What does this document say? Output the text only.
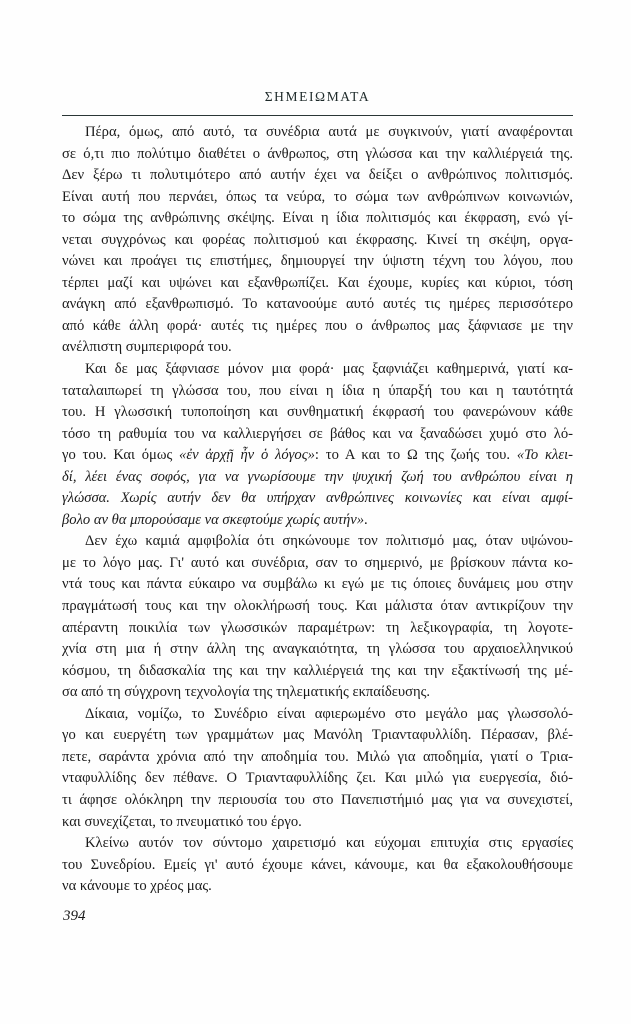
ΣΗΜΕΙΩΜΑΤΑ
Πέρα, όμως, από αυτό, τα συνέδρια αυτά με συγκινούν, γιατί αναφέρονται
σε ό,τι πιο πολύτιμο διαθέτει ο άνθρωπος, στη γλώσσα και την καλλιέργειά της.
Δεν ξέρω τι πολυτιμότερο από αυτήν έχει να δείξει ο ανθρώπινος πολιτισμός.
Είναι αυτή που περνάει, όπως τα νεύρα, το σώμα των ανθρώπινων κοινωνιών,
το σώμα της ανθρώπινης σκέψης. Είναι η ίδια πολιτισμός και έκφραση, ενώ γί-
νεται συγχρόνως και φορέας πολιτισμού και έκφρασης. Κινεί τη σκέψη, οργα-
νώνει και προάγει τις επιστήμες, δημιουργεί την ύψιστη τέχνη του λόγου, που
τέρπει μαζί και υψώνει και εξανθρωπίζει. Και έχουμε, κυρίες και κύριοι, τόση
ανάγκη από εξανθρωπισμό. Το κατανοούμε αυτό αυτές τις ημέρες περισσότερο
από κάθε άλλη φορά· αυτές τις ημέρες που ο άνθρωπος μας ξάφνιασε με την
ανέλπιστη συμπεριφορά του.
Και δε μας ξάφνιασε μόνον μια φορά· μας ξαφνιάζει καθημερινά, γιατί κα-
ταταλαιπωρεί τη γλώσσα του, που είναι η ίδια η ύπαρξή του και η ταυτότητά
του. Η γλωσσική τυποποίηση και συνθηματική έκφρασή του φανερώνουν κάθε
τόσο τη ραθυμία του να καλλιεργήσει σε βάθος και να ξαναδώσει χυμό στο λό-
γο του. Και όμως «ἐν ἀρχῇ ἦν ὁ λόγος»: το Α και το Ω της ζωής του. «Το κλει-
δί, λέει ένας σοφός, για να γνωρίσουμε την ψυχική ζωή του ανθρώπου είναι η
γλώσσα. Χωρίς αυτήν δεν θα υπήρχαν ανθρώπινες κοινωνίες και είναι αμφί-
βολο αν θα μπορούσαμε να σκεφτούμε χωρίς αυτήν».
Δεν έχω καμιά αμφιβολία ότι σηκώνουμε τον πολιτισμό μας, όταν υψώνου-
με το λόγο μας. Γι' αυτό και συνέδρια, σαν το σημερινό, με βρίσκουν πάντα κο-
ντά τους και πάντα εύκαιρο να συμβάλω κι εγώ με τις όποιες δυνάμεις μου στην
πραγμάτωσή τους και την ολοκλήρωσή τους. Και μάλιστα όταν αντικρίζουν την
απέραντη ποικιλία των γλωσσικών παραμέτρων: τη λεξικογραφία, τη λογοτε-
χνία στη μια ή στην άλλη της αναγκαιότητα, τη γλώσσα του αρχαιοελληνικού
κόσμου, τη διδασκαλία της και την καλλιέργειά της και την εξακτίνωσή της μέ-
σα από τη σύγχρονη τεχνολογία της τηλεματικής εκπαίδευσης.
Δίκαια, νομίζω, το Συνέδριο είναι αφιερωμένο στο μεγάλο μας γλωσσολό-
γο και ευεργέτη των γραμμάτων μας Μανόλη Τριανταφυλλίδη. Πέρασαν, βλέ-
πετε, σαράντα χρόνια από την αποδημία του. Μιλώ για αποδημία, γιατί ο Τρια-
νταφυλλίδης δεν πέθανε. Ο Τριανταφυλλίδης ζει. Και μιλώ για ευεργεσία, διό-
τι άφησε ολόκληρη την περιουσία του στο Πανεπιστήμιό μας για να συνεχιστεί,
και συνεχίζεται, το πνευματικό του έργο.
Κλείνω αυτόν τον σύντομο χαιρετισμό και εύχομαι επιτυχία στις εργασίες
του Συνεδρίου. Εμείς γι' αυτό έχουμε κάνει, κάνουμε, και θα εξακολουθήσουμε
να κάνουμε το χρέος μας.
394
